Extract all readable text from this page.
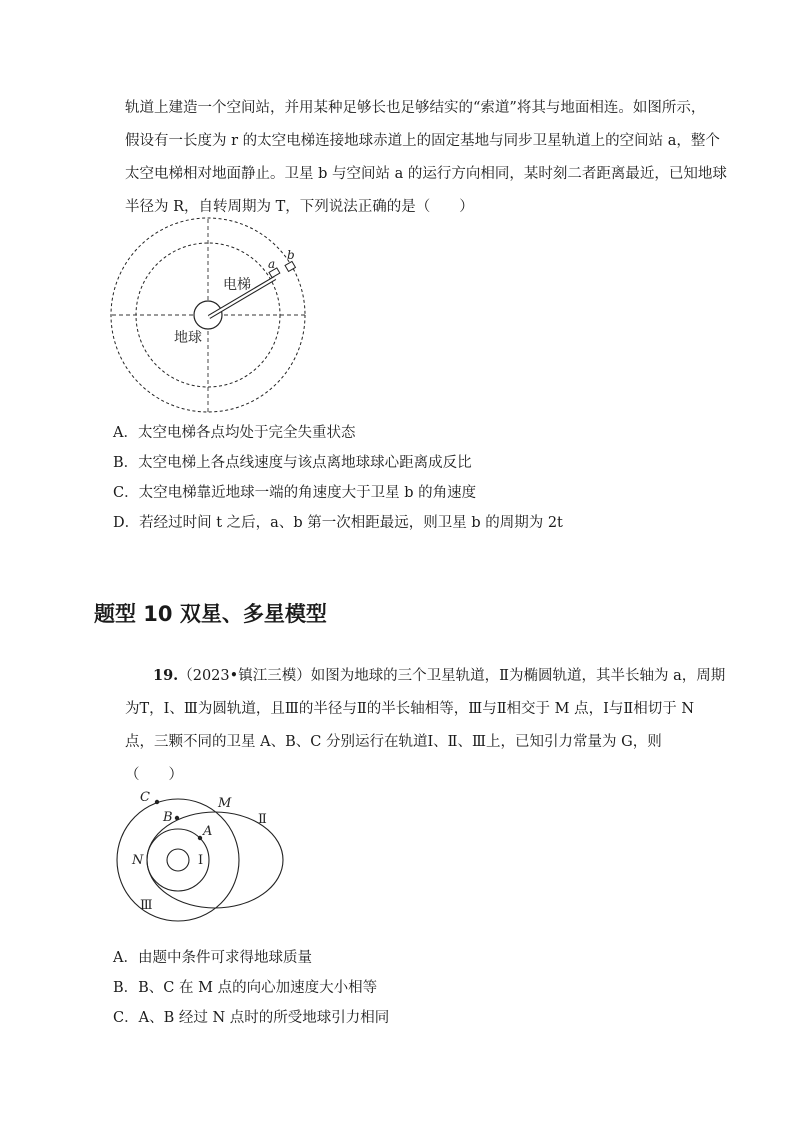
轨道上建造一个空间站，并用某种足够长也足够结实的“索道”将其与地面相连。如图所示，

假设有一长度为 r 的太空电梯连接地球赤道上的固定基地与同步卫星轨道上的空间站 a，整个

太空电梯相对地面静止。卫星 b 与空间站 a 的运行方向相同，某时刻二者距离最近，已知地球

半径为 R，自转周期为 T，下列说法正确的是（　　）

电梯
地球
a
b
A．太空电梯各点均处于完全失重状态
B．太空电梯上各点线速度与该点离地球球心距离成反比
C．太空电梯靠近地球一端的角速度大于卫星 b 的角速度
D．若经过时间 t 之后，a、b 第一次相距最远，则卫星 b 的周期为 2t
题型 10 双星、多星模型

19.（2023•镇江三模）如图为地球的三个卫星轨道，Ⅱ为椭圆轨道，其半长轴为 a，周期

为T，Ⅰ、Ⅲ为圆轨道，且Ⅲ的半径与Ⅱ的半长轴相等，Ⅲ与Ⅱ相交于 M 点，Ⅰ与Ⅱ相切于 N

点，三颗不同的卫星 A、B、C 分别运行在轨道Ⅰ、Ⅱ、Ⅲ上，已知引力常量为 G，则

（　　）

C	M
B
A
Ⅱ
N	Ⅰ
Ⅲ
A．由题中条件可求得地球质量
B．B、C 在 M 点的向心加速度大小相等
C．A、B 经过 N 点时的所受地球引力相同
